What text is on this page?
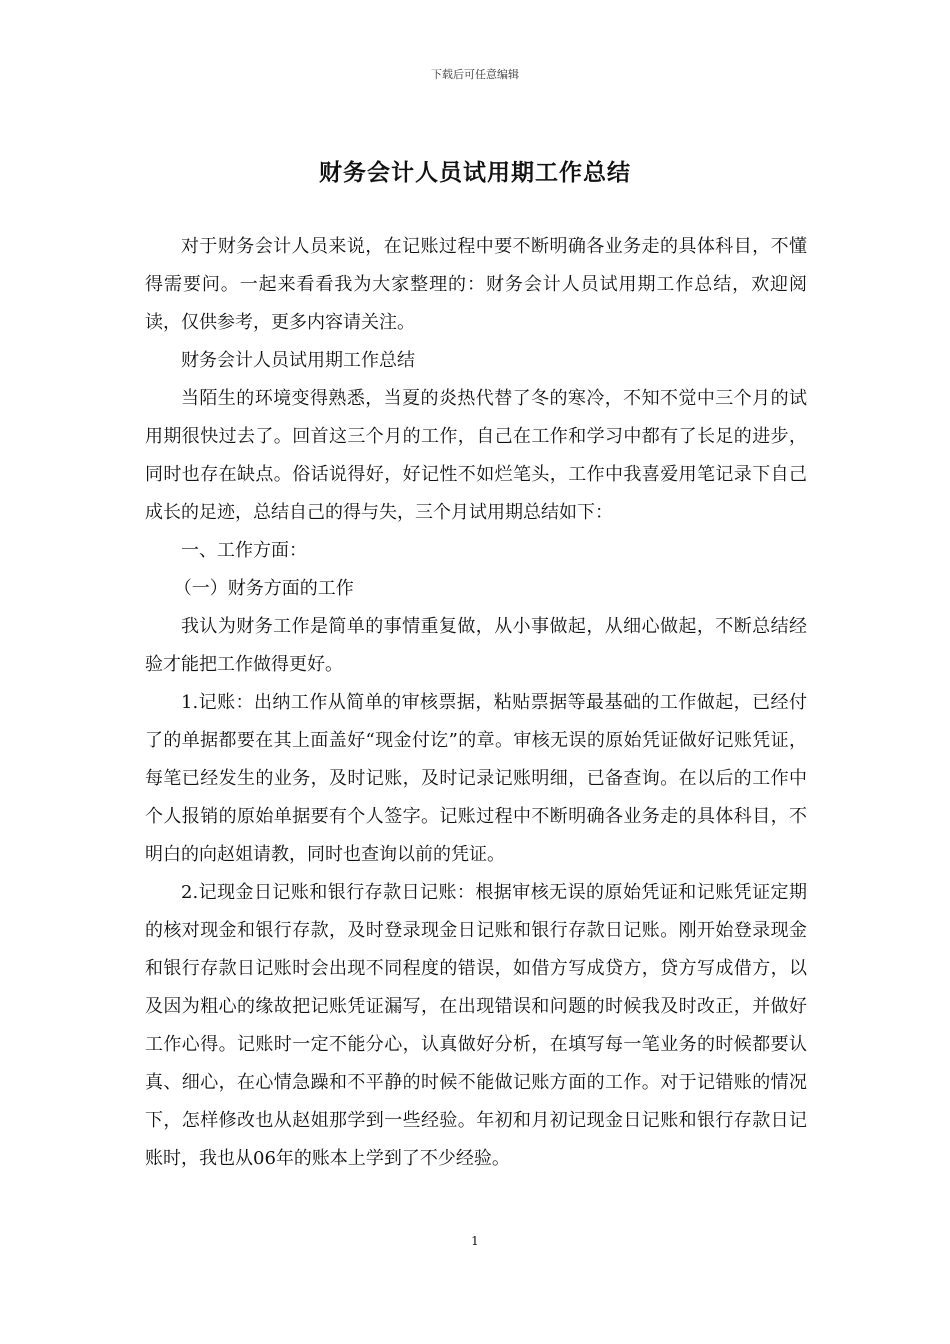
下载后可任意编辑
财务会计人员试用期工作总结

对于财务会计人员来说，在记账过程中要不断明确各业务走的具体科目，不懂得需要问。一起来看看我为大家整理的：财务会计人员试用期工作总结，欢迎阅读，仅供参考，更多内容请关注。

财务会计人员试用期工作总结

当陌生的环境变得熟悉，当夏的炎热代替了冬的寒冷，不知不觉中三个月的试用期很快过去了。回首这三个月的工作，自己在工作和学习中都有了长足的进步，同时也存在缺点。俗话说得好，好记性不如烂笔头，工作中我喜爱用笔记录下自己成长的足迹，总结自己的得与失，三个月试用期总结如下：

一、工作方面：

（一）财务方面的工作

我认为财务工作是简单的事情重复做，从小事做起，从细心做起，不断总结经验才能把工作做得更好。

1.记账：出纳工作从简单的审核票据，粘贴票据等最基础的工作做起，已经付了的单据都要在其上面盖好“现金付讫”的章。审核无误的原始凭证做好记账凭证，每笔已经发生的业务，及时记账，及时记录记账明细，已备查询。在以后的工作中个人报销的原始单据要有个人签字。记账过程中不断明确各业务走的具体科目，不明白的向赵姐请教，同时也查询以前的凭证。

2.记现金日记账和银行存款日记账：根据审核无误的原始凭证和记账凭证定期的核对现金和银行存款，及时登录现金日记账和银行存款日记账。刚开始登录现金和银行存款日记账时会出现不同程度的错误，如借方写成贷方，贷方写成借方，以及因为粗心的缘故把记账凭证漏写，在出现错误和问题的时候我及时改正，并做好工作心得。记账时一定不能分心，认真做好分析，在填写每一笔业务的时候都要认真、细心，在心情急躁和不平静的时候不能做记账方面的工作。对于记错账的情况下，怎样修改也从赵姐那学到一些经验。年初和月初记现金日记账和银行存款日记账时，我也从06年的账本上学到了不少经验。

1
